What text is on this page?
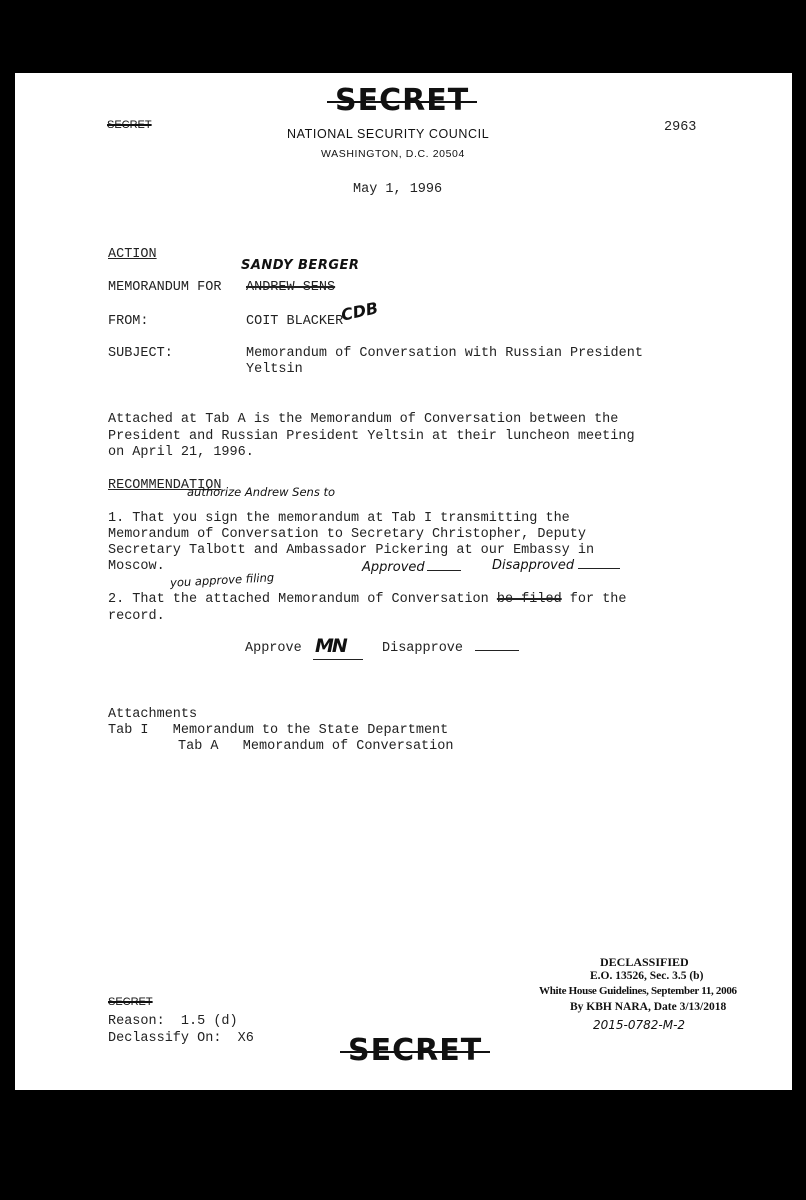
SECRET
SECRET
NATIONAL SECURITY COUNCIL
WASHINGTON, D.C. 20504
2963
May 1, 1996
ACTION
SANDY BERGER
MEMORANDUM FOR ANDREW SENS
FROM:	COIT BLACKER
CDB
SUBJECT:	Memorandum of Conversation with Russian President
Yeltsin
Attached at Tab A is the Memorandum of Conversation between the
President and Russian President Yeltsin at their luncheon meeting
on April 21, 1996.
RECOMMENDATION
authorize Andrew Sens to
1. That you sign the memorandum at Tab I transmitting the
Memorandum of Conversation to Secretary Christopher, Deputy
Secretary Talbott and Ambassador Pickering at our Embassy in
Moscow.	Approved	Disapproved
you approve filing
2. That the attached Memorandum of Conversation be filed for the
record.
Approve MN	Disapprove
Attachments
Tab I   Memorandum to the State Department
Tab A   Memorandum of Conversation
DECLASSIFIED
E.O. 13526, Sec. 3.5 (b)
White House Guidelines, September 11, 2006
By KBH NARA, Date 3/13/2018
2015-0782-M-2
SECRET
Reason:  1.5 (d)
Declassify On:  X6	SECRET
